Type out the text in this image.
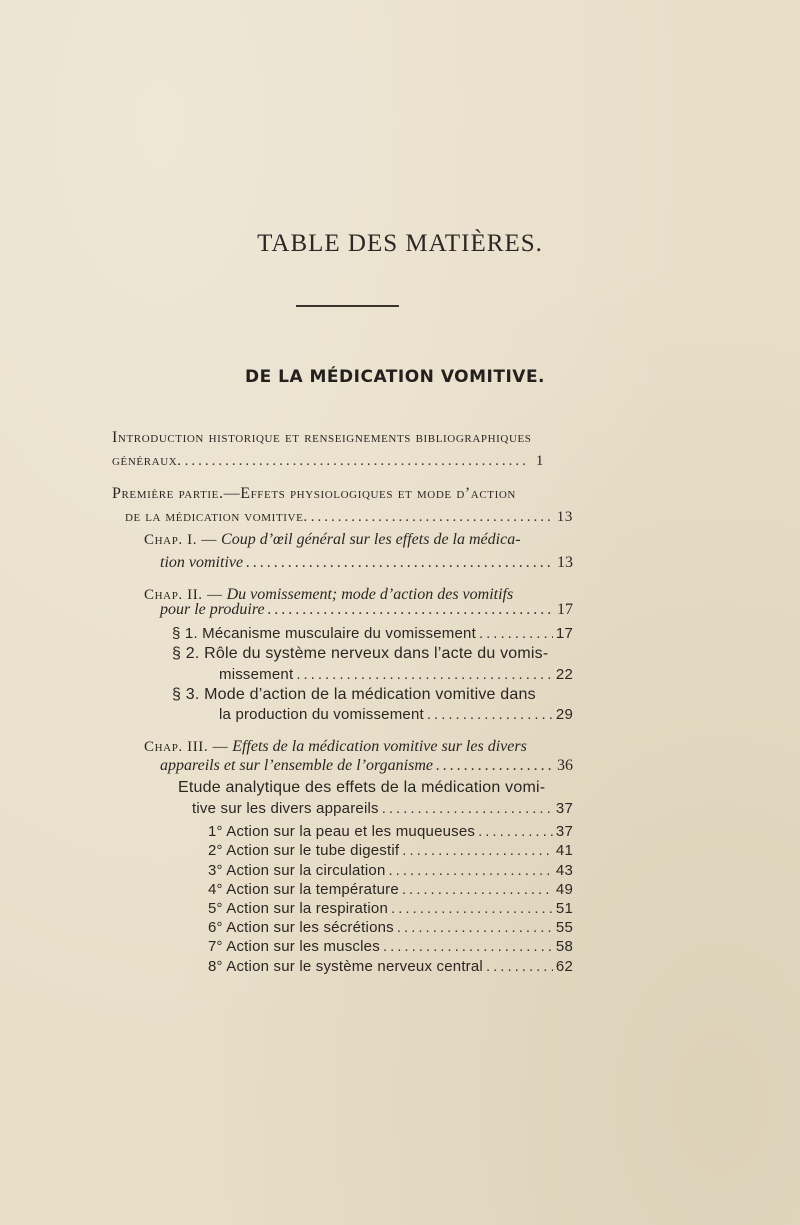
TABLE DES MATIÈRES.
DE LA MÉDICATION VOMITIVE.
Introduction historique et renseignements bibliographiques
généraux. .....	1
Première partie.—Effets physiologiques et mode d’action
de la médication vomitive. .....	13
Chap. I. — Coup d’œil général sur les effets de la médica-
tion vomitive .....	13
Chap. II. — Du vomissement; mode d’action des vomitifs
pour le produire .....	17
§ 1. Mécanisme musculaire du vomissement .....	17
§ 2. Rôle du système nerveux dans l’acte du vomis-
missement .....	22
§ 3. Mode d’action de la médication vomitive dans
la production du vomissement .....	29
Chap. III. — Effets de la médication vomitive sur les divers
appareils et sur l’ensemble de l’organisme .....	36
Etude analytique des effets de la médication vomi-
tive sur les divers appareils .....	37
1° Action sur la peau et les muqueuses .....	37
2° Action sur le tube digestif .....	41
3° Action sur la circulation .....	43
4° Action sur la température .....	49
5° Action sur la respiration .....	51
6° Action sur les sécrétions .....	55
7° Action sur les muscles .....	58
8° Action sur le système nerveux central .....	62
